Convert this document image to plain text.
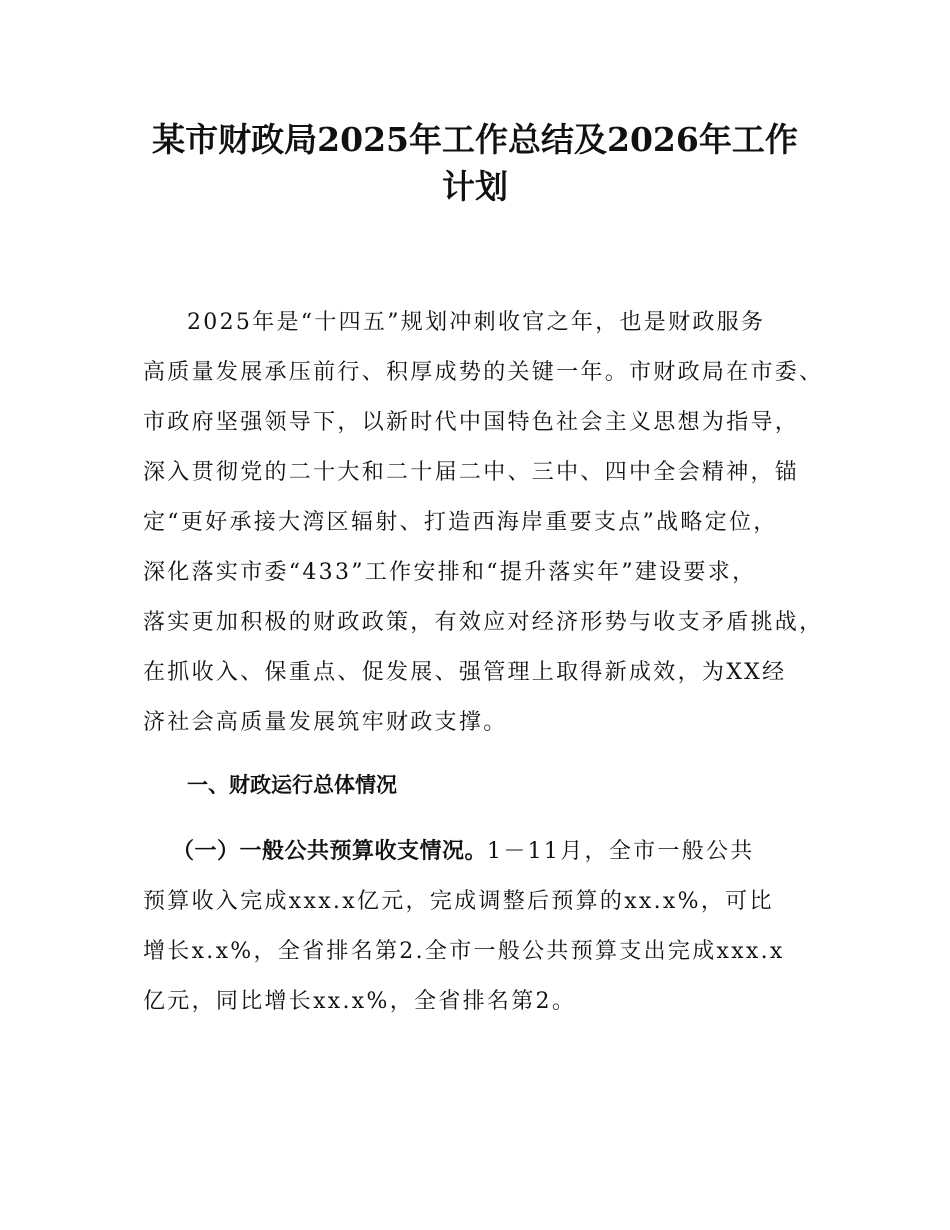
某市财政局2025年工作总结及2026年工作
计划
2025年是“十四五”规划冲刺收官之年，也是财政服务
高质量发展承压前行、积厚成势的关键一年。市财政局在市委、
市政府坚强领导下，以新时代中国特色社会主义思想为指导，
深入贯彻党的二十大和二十届二中、三中、四中全会精神，锚
定“更好承接大湾区辐射、打造西海岸重要支点”战略定位，
深化落实市委“433”工作安排和“提升落实年”建设要求，
落实更加积极的财政政策，有效应对经济形势与收支矛盾挑战，
在抓收入、保重点、促发展、强管理上取得新成效，为XX经
济社会高质量发展筑牢财政支撑。
一、财政运行总体情况
（一）一般公共预算收支情况。1－11月，全市一般公共
预算收入完成xxx.x亿元，完成调整后预算的xx.x%，可比
增长x.x%，全省排名第2.全市一般公共预算支出完成xxx.x
亿元，同比增长xx.x%，全省排名第2。
